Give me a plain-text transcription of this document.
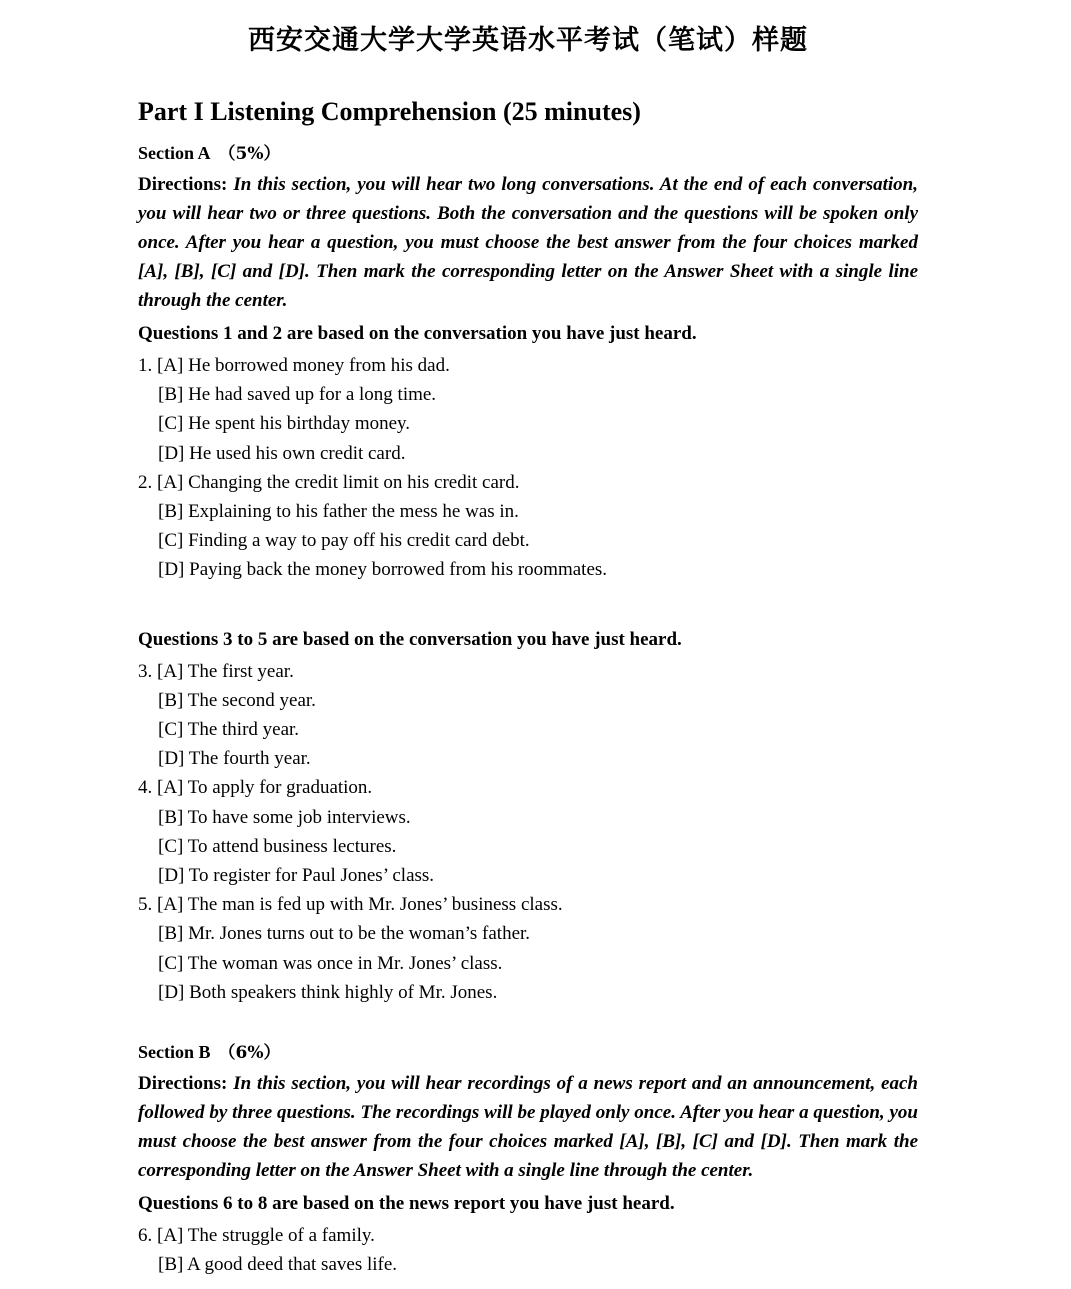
西安交通大学大学英语水平考试（笔试）样题
Part I Listening Comprehension (25 minutes)
Section A （5%）
Directions: In this section, you will hear two long conversations. At the end of each conversation, you will hear two or three questions. Both the conversation and the questions will be spoken only once. After you hear a question, you must choose the best answer from the four choices marked [A], [B], [C] and [D]. Then mark the corresponding letter on the Answer Sheet with a single line through the center.
Questions 1 and 2 are based on the conversation you have just heard.

1. [A] He borrowed money from his dad.

[B] He had saved up for a long time.

[C] He spent his birthday money.

[D] He used his own credit card.

2. [A] Changing the credit limit on his credit card.

[B] Explaining to his father the mess he was in.

[C] Finding a way to pay off his credit card debt.

[D] Paying back the money borrowed from his roommates.

Questions 3 to 5 are based on the conversation you have just heard.

3. [A] The first year.

[B] The second year.

[C] The third year.

[D] The fourth year.

4. [A] To apply for graduation.

[B] To have some job interviews.

[C] To attend business lectures.

[D] To register for Paul Jones’ class.

5. [A] The man is fed up with Mr. Jones’ business class.

[B] Mr. Jones turns out to be the woman’s father.

[C] The woman was once in Mr. Jones’ class.

[D] Both speakers think highly of Mr. Jones.

Section B （6%）
Directions: In this section, you will hear recordings of a news report and an announcement, each followed by three questions. The recordings will be played only once. After you hear a question, you must choose the best answer from the four choices marked [A], [B], [C] and [D]. Then mark the corresponding letter on the Answer Sheet with a single line through the center.
Questions 6 to 8 are based on the news report you have just heard.

6. [A] The struggle of a family.

[B] A good deed that saves life.
